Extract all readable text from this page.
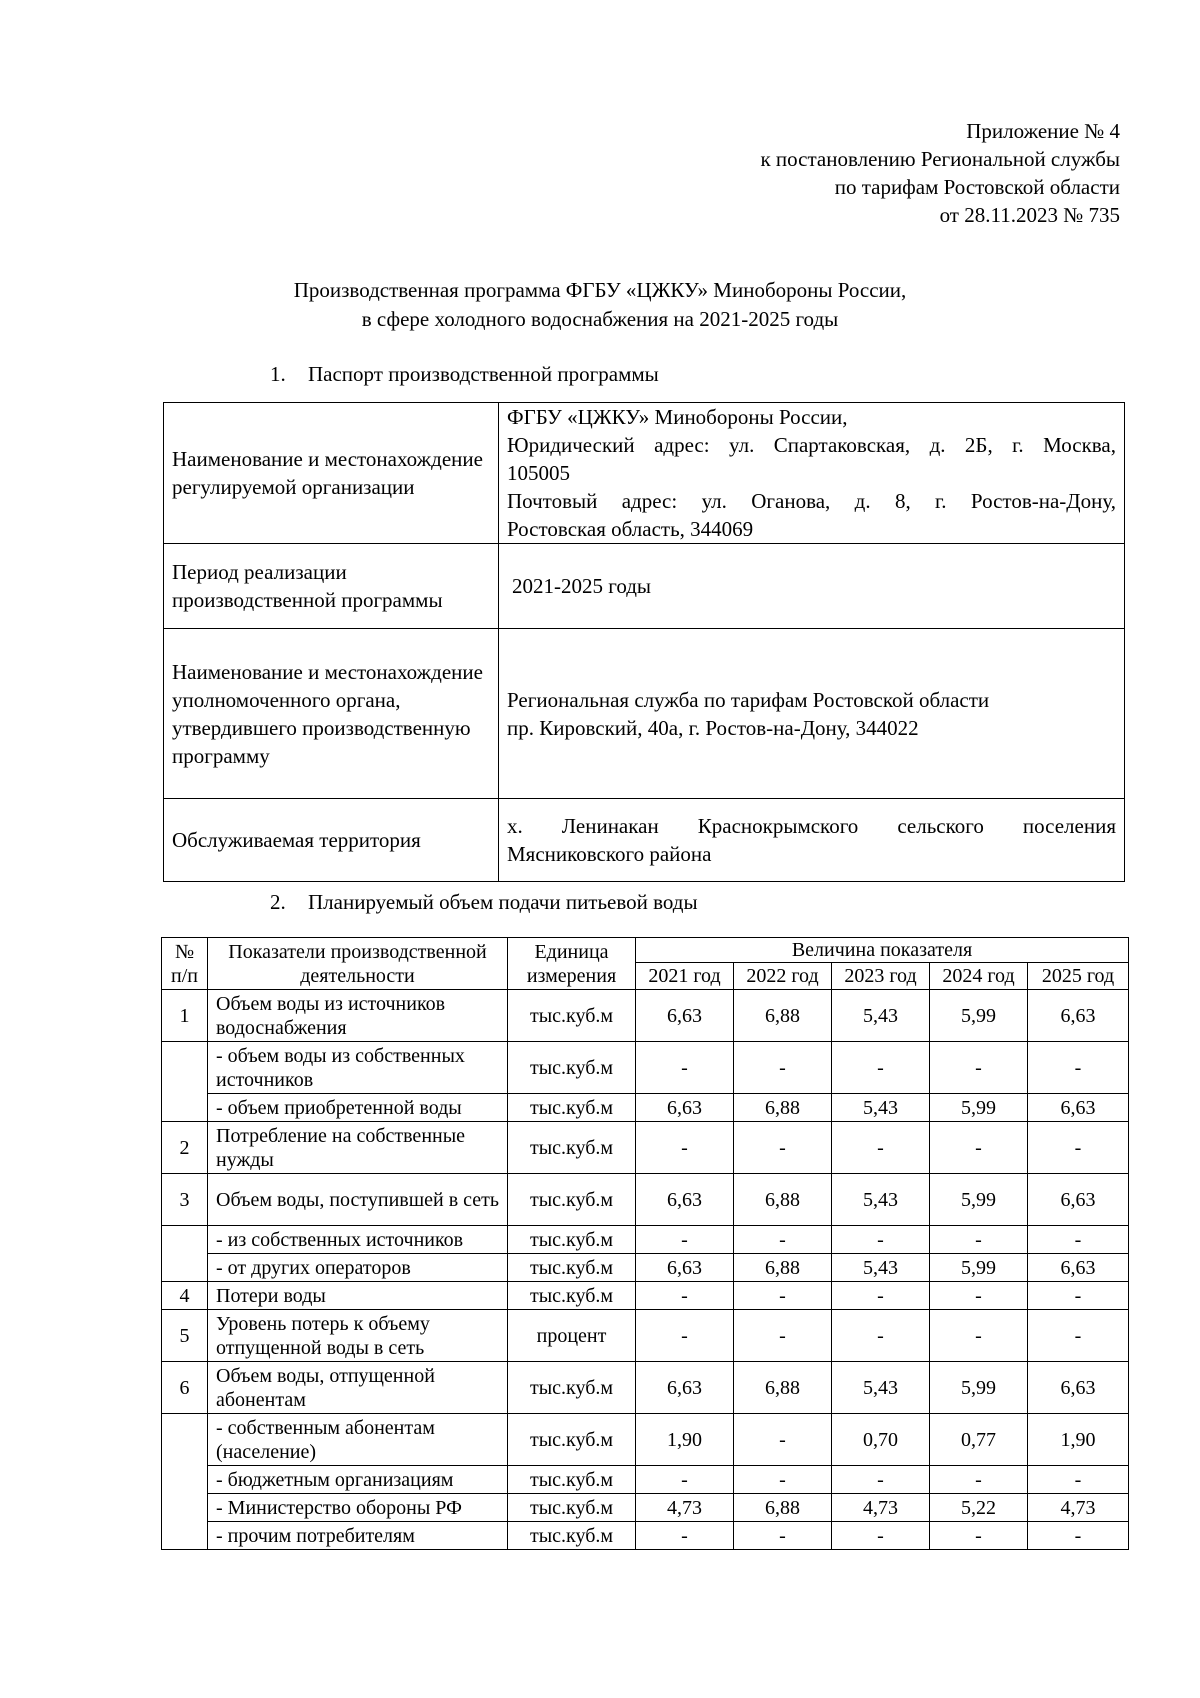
Приложение № 4
к постановлению Региональной службы
по тарифам Ростовской области
от 28.11.2023 № 735
Производственная программа ФГБУ «ЦЖКУ» Минобороны России,
в сфере холодного водоснабжения на 2021-2025 годы
1. Паспорт производственной программы
Наименование и местонахождение регулируемой организации	ФГБУ «ЦЖКУ» Минобороны России,
Юридический адрес: ул. Спартаковская, д. 2Б, г. Москва,
105005
Почтовый адрес: ул. Оганова, д. 8, г. Ростов-на-Дону,
Ростовская область, 344069

Период реализации производственной программы	2021-2025 годы
Наименование и местонахождение уполномоченного органа, утвердившего производственную программу	Региональная служба по тарифам Ростовской области
пр. Кировский, 40а, г. Ростов-на-Дону, 344022

Обслуживаемая территория	х. Ленинакан Краснокрымского сельского поселения
Мясниковского района
2. Планируемый объем подачи питьевой воды
№ п/п	Показатели производственной деятельности	Единица измерения	Величина показателя				
			2021 год	2022 год	2023 год	2024 год	2025 год
1	Объем воды из источников водоснабжения	тыс.куб.м	6,63	6,88	5,43	5,99	6,63
	- объем воды из собственных источников	тыс.куб.м	-	-	-	-	-
	- объем приобретенной воды	тыс.куб.м	6,63	6,88	5,43	5,99	6,63
2	Потребление на собственные нужды	тыс.куб.м	-	-	-	-	-
3	Объем воды, поступившей в сеть	тыс.куб.м	6,63	6,88	5,43	5,99	6,63
	- из собственных источников	тыс.куб.м	-	-	-	-	-
	- от других операторов	тыс.куб.м	6,63	6,88	5,43	5,99	6,63
4	Потери воды	тыс.куб.м	-	-	-	-	-
5	Уровень потерь к объему отпущенной воды в сеть	процент	-	-	-	-	-
6	Объем воды, отпущенной абонентам	тыс.куб.м	6,63	6,88	5,43	5,99	6,63
	- собственным абонентам (население)	тыс.куб.м	1,90	-	0,70	0,77	1,90
	- бюджетным организациям	тыс.куб.м	-	-	-	-	-
	- Министерство обороны РФ	тыс.куб.м	4,73	6,88	4,73	5,22	4,73
	- прочим потребителям	тыс.куб.м	-	-	-	-	-
